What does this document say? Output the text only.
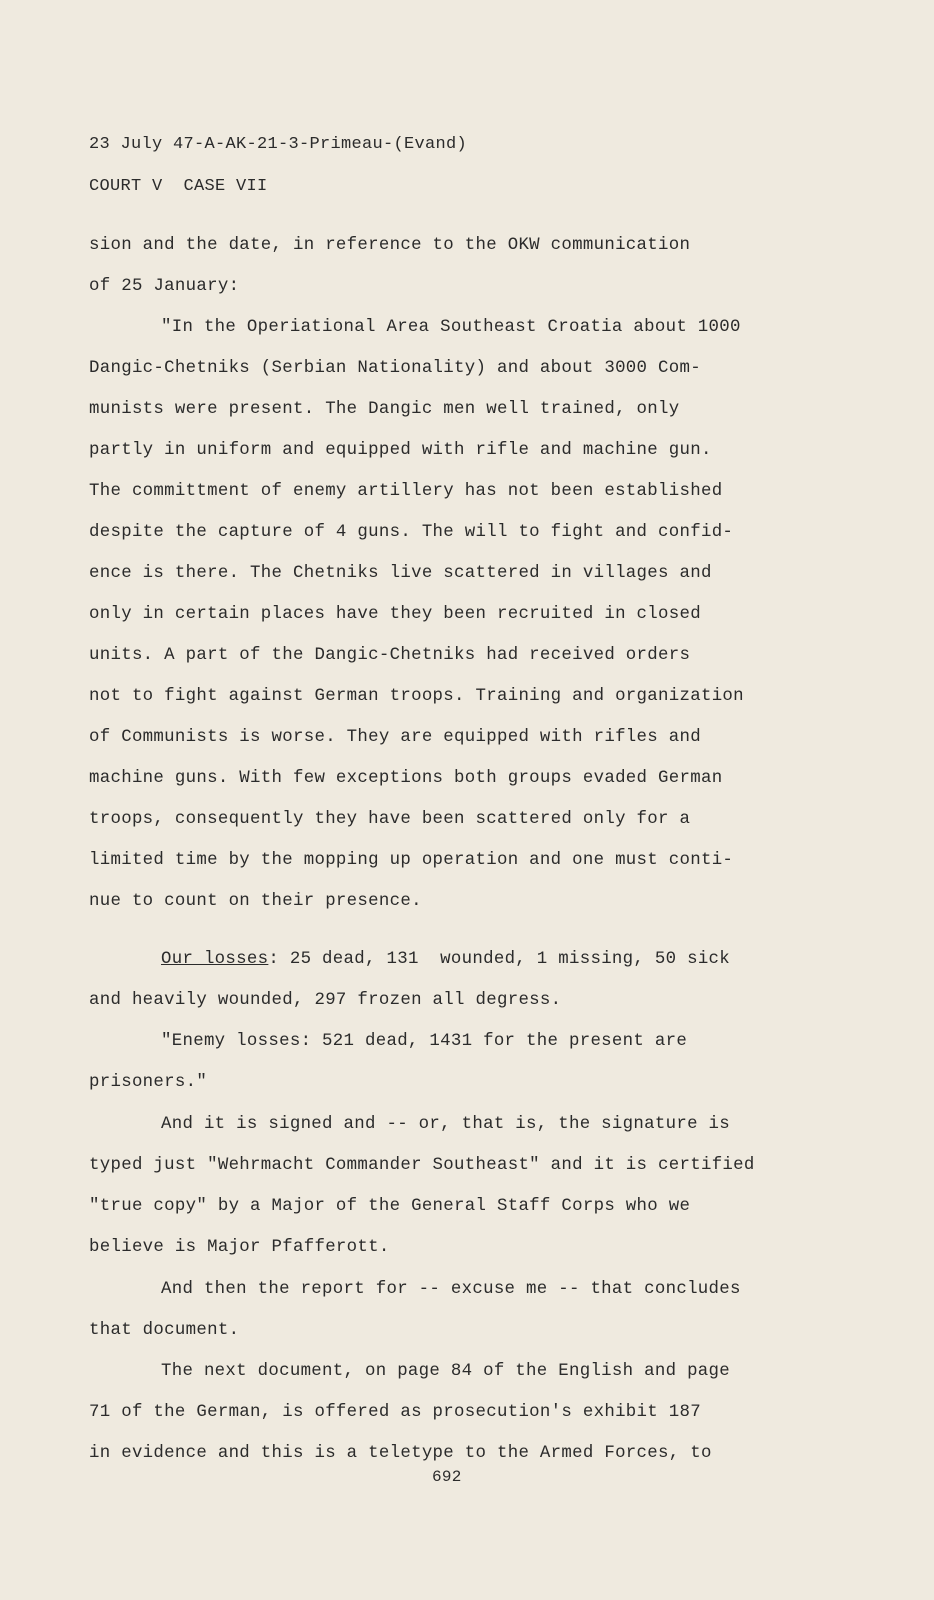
23 July 47-A-AK-21-3-Primeau-(Evand)
COURT V  CASE VII
sion and the date, in reference to the OKW communication
of 25 January:
"In the Operiational Area Southeast Croatia about 1000
Dangic-Chetniks (Serbian Nationality) and about 3000 Com-
munists were present. The Dangic men well trained, only
partly in uniform and equipped with rifle and machine gun.
The committment of enemy artillery has not been established
despite the capture of 4 guns. The will to fight and confid-
ence is there. The Chetniks live scattered in villages and
only in certain places have they been recruited in closed
units. A part of the Dangic-Chetniks had received orders
not to fight against German troops. Training and organization
of Communists is worse. They are equipped with rifles and
machine guns. With few exceptions both groups evaded German
troops, consequently they have been scattered only for a
limited time by the mopping up operation and one must conti-
nue to count on their presence.
Our losses: 25 dead, 131  wounded, 1 missing, 50 sick
and heavily wounded, 297 frozen all degress.
"Enemy losses: 521 dead, 1431 for the present are
prisoners."
And it is signed and -- or, that is, the signature is
typed just "Wehrmacht Commander Southeast" and it is certified
"true copy" by a Major of the General Staff Corps who we
believe is Major Pfafferott.
And then the report for -- excuse me -- that concludes
that document.
The next document, on page 84 of the English and page
71 of the German, is offered as prosecution's exhibit 187
in evidence and this is a teletype to the Armed Forces, to
692
